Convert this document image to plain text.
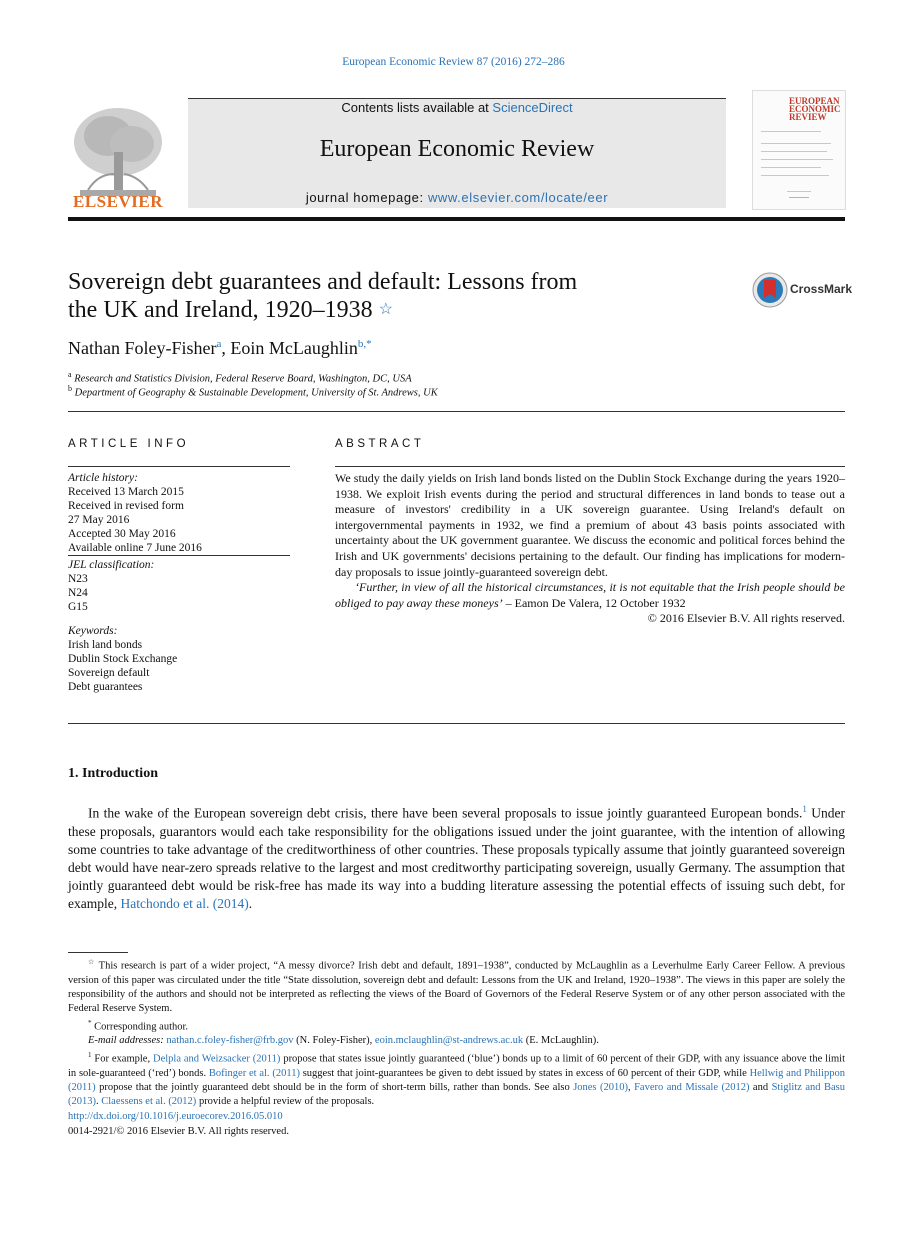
European Economic Review 87 (2016) 272–286
ELSEVIER
Contents lists available at ScienceDirect
European Economic Review
journal homepage: www.elsevier.com/locate/eer
EUROPEAN
ECONOMIC
REVIEW
Sovereign debt guarantees and default: Lessons from
the UK and Ireland, 1920–1938 ☆
CrossMark
Nathan Foley-Fisher$^a$, Eoin McLaughlin$^{b,*}$
$^a$ Research and Statistics Division, Federal Reserve Board, Washington, DC, USA
$^b$ Department of Geography & Sustainable Development, University of St. Andrews, UK
ARTICLE INFO	ABSTRACT
Article history:
Received 13 March 2015
Received in revised form
27 May 2016
Accepted 30 May 2016
Available online 7 June 2016
JEL classification:
N23
N24
G15
Keywords:
Irish land bonds
Dublin Stock Exchange
Sovereign default
Debt guarantees

We study the daily yields on Irish land bonds listed on the Dublin Stock Exchange during the years 1920–1938. We exploit Irish events during the period and structural differences in land bonds to tease out a measure of investors' credibility in a UK sovereign guarantee. Using Ireland's default on intergovernmental payments in 1932, we find a premium of about 43 basis points associated with uncertainty about the UK government guarantee. We discuss the economic and political forces behind the Irish and UK governments' decisions pertaining to the default. Our finding has implications for modern-day proposals to issue jointly-guaranteed sovereign debt.

‘Further, in view of all the historical circumstances, it is not equitable that the Irish people should be obliged to pay away these moneys’ – Eamon De Valera, 12 October 1932

© 2016 Elsevier B.V. All rights reserved.

1. Introduction

In the wake of the European sovereign debt crisis, there have been several proposals to issue jointly guaranteed European bonds.$^1$ Under these proposals, guarantors would each take responsibility for the obligations issued under the joint guarantee, with the intention of allowing some countries to take advantage of the creditworthiness of other countries. These proposals typically assume that jointly guaranteed sovereign debt would have near-zero spreads relative to the largest and most creditworthy participating sovereign, usually Germany. The assumption that jointly guaranteed debt would be risk-free has made its way into a budding literature assessing the potential effects of issuing such debt, for example, Hatchondo et al. (2014).

☆ This research is part of a wider project, “A messy divorce? Irish debt and default, 1891–1938”, conducted by McLaughlin as a Leverhulme Early Career Fellow. A previous version of this paper was circulated under the title “State dissolution, sovereign debt and default: Lessons from the UK and Ireland, 1920–1938”. The views in this paper are solely the responsibility of the authors and should not be interpreted as reflecting the views of the Board of Governors of the Federal Reserve System or of any other person associated with the Federal Reserve System.

* Corresponding author.

E-mail addresses: nathan.c.foley-fisher@frb.gov (N. Foley-Fisher), eoin.mclaughlin@st-andrews.ac.uk (E. McLaughlin).

$^1$ For example, Delpla and Weizsacker (2011) propose that states issue jointly guaranteed (‘blue’) bonds up to a limit of 60 percent of their GDP, with any issuance above the limit in sole-guaranteed (‘red’) bonds. Bofinger et al. (2011) suggest that joint-guarantees be given to debt issued by states in excess of 60 percent of their GDP, while Hellwig and Philippon (2011) propose that the jointly guaranteed debt should be in the form of short-term bills, rather than bonds. See also Jones (2010), Favero and Missale (2012) and Stiglitz and Basu (2013). Claessens et al. (2012) provide a helpful review of the proposals.

http://dx.doi.org/10.1016/j.euroecorev.2016.05.010
0014-2921/© 2016 Elsevier B.V. All rights reserved.
